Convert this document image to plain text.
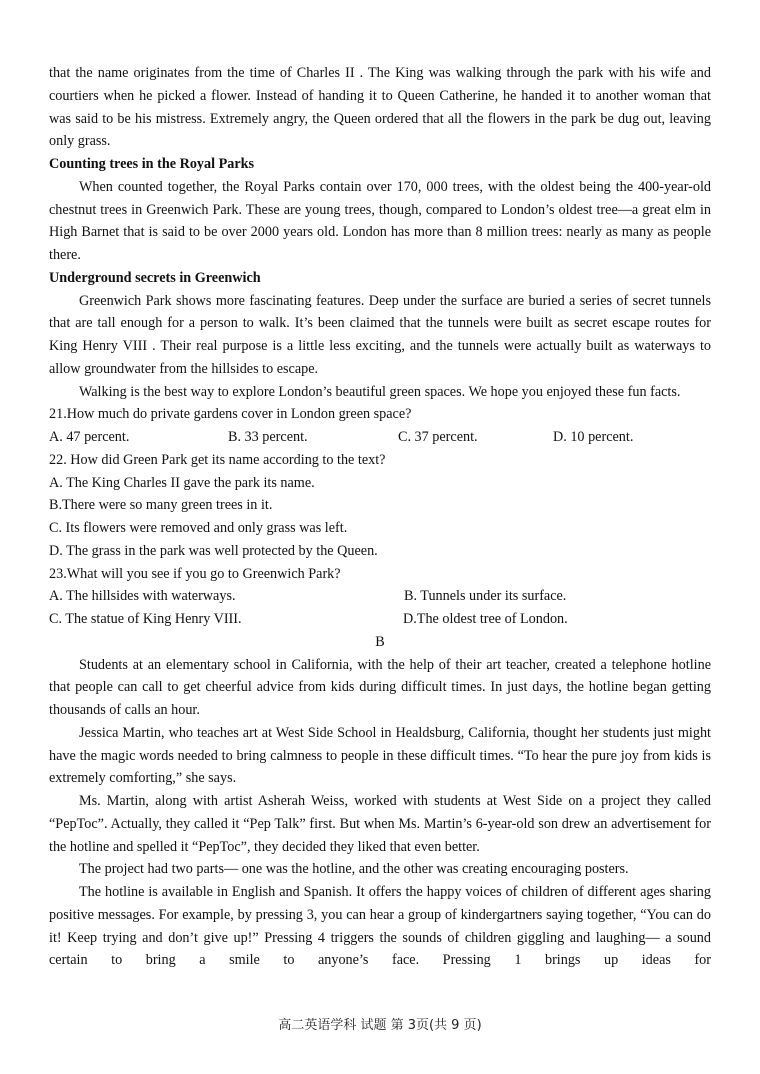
that the name originates from the time of Charles II . The King was walking through the park with his wife and courtiers when he picked a flower. Instead of handing it to Queen Catherine, he handed it to another woman that was said to be his mistress. Extremely angry, the Queen ordered that all the flowers in the park be dug out, leaving only grass.
Counting trees in the Royal Parks
When counted together, the Royal Parks contain over 170, 000 trees, with the oldest being the 400-year-old chestnut trees in Greenwich Park. These are young trees, though, compared to London’s oldest tree—a great elm in High Barnet that is said to be over 2000 years old. London has more than 8 million trees: nearly as many as people there.
Underground secrets in Greenwich
Greenwich Park shows more fascinating features. Deep under the surface are buried a series of secret tunnels that are tall enough for a person to walk. It’s been claimed that the tunnels were built as secret escape routes for King Henry VIII . Their real purpose is a little less exciting, and the tunnels were actually built as waterways to allow groundwater from the hillsides to escape.
Walking is the best way to explore London’s beautiful green spaces. We hope you enjoyed these fun facts.
21.How much do private gardens cover in London green space?
A. 47 percent.	B. 33 percent.	C. 37 percent.	D. 10 percent.
22. How did Green Park get its name according to the text?
A. The King Charles II gave the park its name.
B.There were so many green trees in it.
C. Its flowers were removed and only grass was left.
D. The grass in the park was well protected by the Queen.
23.What will you see if you go to Greenwich Park?
A. The hillsides with waterways.	B. Tunnels under its surface.
C. The statue of King Henry VIII.	D.The oldest tree of London.
B
Students at an elementary school in California, with the help of their art teacher, created a telephone hotline that people can call to get cheerful advice from kids during difficult times. In just days, the hotline began getting thousands of calls an hour.
Jessica Martin, who teaches art at West Side School in Healdsburg, California, thought her students just might have the magic words needed to bring calmness to people in these difficult times. “To hear the pure joy from kids is extremely comforting,” she says.
Ms. Martin, along with artist Asherah Weiss, worked with students at West Side on a project they called “PepToc”. Actually, they called it “Pep Talk” first. But when Ms. Martin’s 6-year-old son drew an advertisement for the hotline and spelled it “PepToc”, they decided they liked that even better.
The project had two parts— one was the hotline, and the other was creating encouraging posters.
The hotline is available in English and Spanish. It offers the happy voices of children of different ages sharing positive messages. For example, by pressing 3, you can hear a group of kindergartners saying together, “You can do it! Keep trying and don’t give up!” Pressing 4 triggers the sounds of children giggling and laughing— a sound certain to bring a smile to anyone’s face. Pressing 1 brings up ideas for
高二英语学科 试题 第 3页(共 9 页)
